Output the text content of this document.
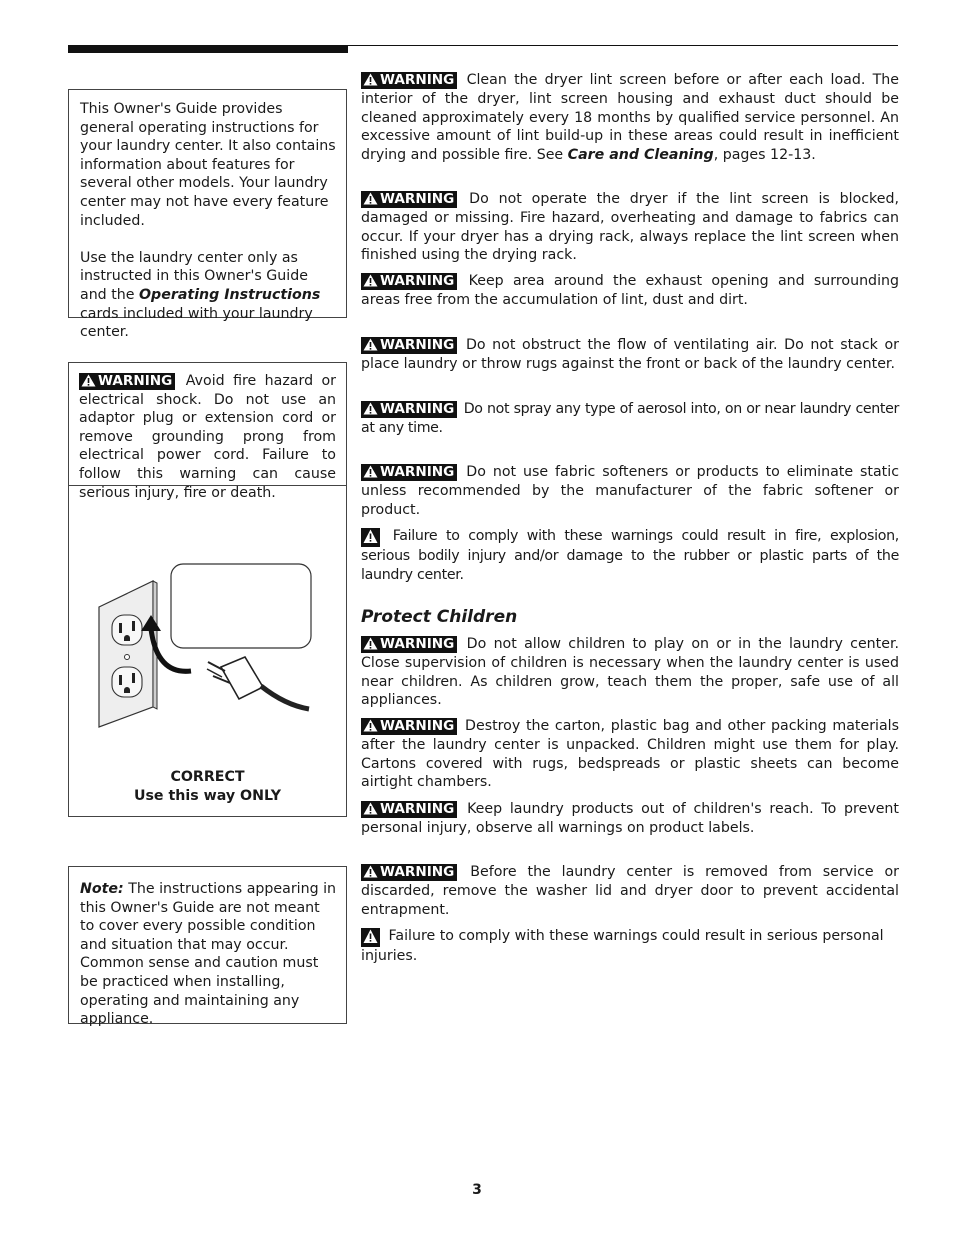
This Owner's Guide provides general operating instructions for your laundry center. It also contains information about features for several other models. Your laundry center may not have every feature included.

Use the laundry center only as instructed in this Owner's Guide and the Operating Instructions cards included with your laundry center.

WARNING Avoid fire hazard or electrical shock. Do not use an adaptor plug or extension cord or remove grounding prong from electrical power cord. Failure to follow this warning can cause serious injury, fire or death.
CORRECT
Use this way ONLY

Note: The instructions appearing in this Owner's Guide are not meant to cover every possible condition and situation that may occur. Common sense and caution must be practiced when installing, operating and maintaining any appliance.

WARNING Clean the dryer lint screen before or after each load. The interior of the dryer, lint screen housing and exhaust duct should be cleaned approximately every 18 months by qualified service personnel. An excessive amount of lint build-up in these areas could result in inefficient drying and possible fire. See Care and Cleaning, pages 12-13.

WARNING Do not operate the dryer if the lint screen is blocked, damaged or missing. Fire hazard, overheating and damage to fabrics can occur. If your dryer has a drying rack, always replace the lint screen when finished using the drying rack.

WARNING Keep area around the exhaust opening and surrounding areas free from the accumulation of lint, dust and dirt.

WARNING Do not obstruct the flow of ventilating air. Do not stack or place laundry or throw rugs against the front or back of the laundry center.

WARNING Do not spray any type of aerosol into, on or near laundry center at any time.

WARNING Do not use fabric softeners or products to eliminate static unless recommended by the manufacturer of the fabric softener or product.

Failure to comply with these warnings could result in fire, explosion, serious bodily injury and/or damage to the rubber or plastic parts of the laundry center.

Protect Children

WARNING Do not allow children to play on or in the laundry center. Close supervision of children is necessary when the laundry center is used near children. As children grow, teach them the proper, safe use of all appliances.

WARNING Destroy the carton, plastic bag and other packing materials after the laundry center is unpacked. Children might use them for play. Cartons covered with rugs, bedspreads or plastic sheets can become airtight chambers.

WARNING Keep laundry products out of children's reach. To prevent personal injury, observe all warnings on product labels.

WARNING Before the laundry center is removed from service or discarded, remove the washer lid and dryer door to prevent accidental entrapment.

Failure to comply with these warnings could result in serious personal injuries.

3
